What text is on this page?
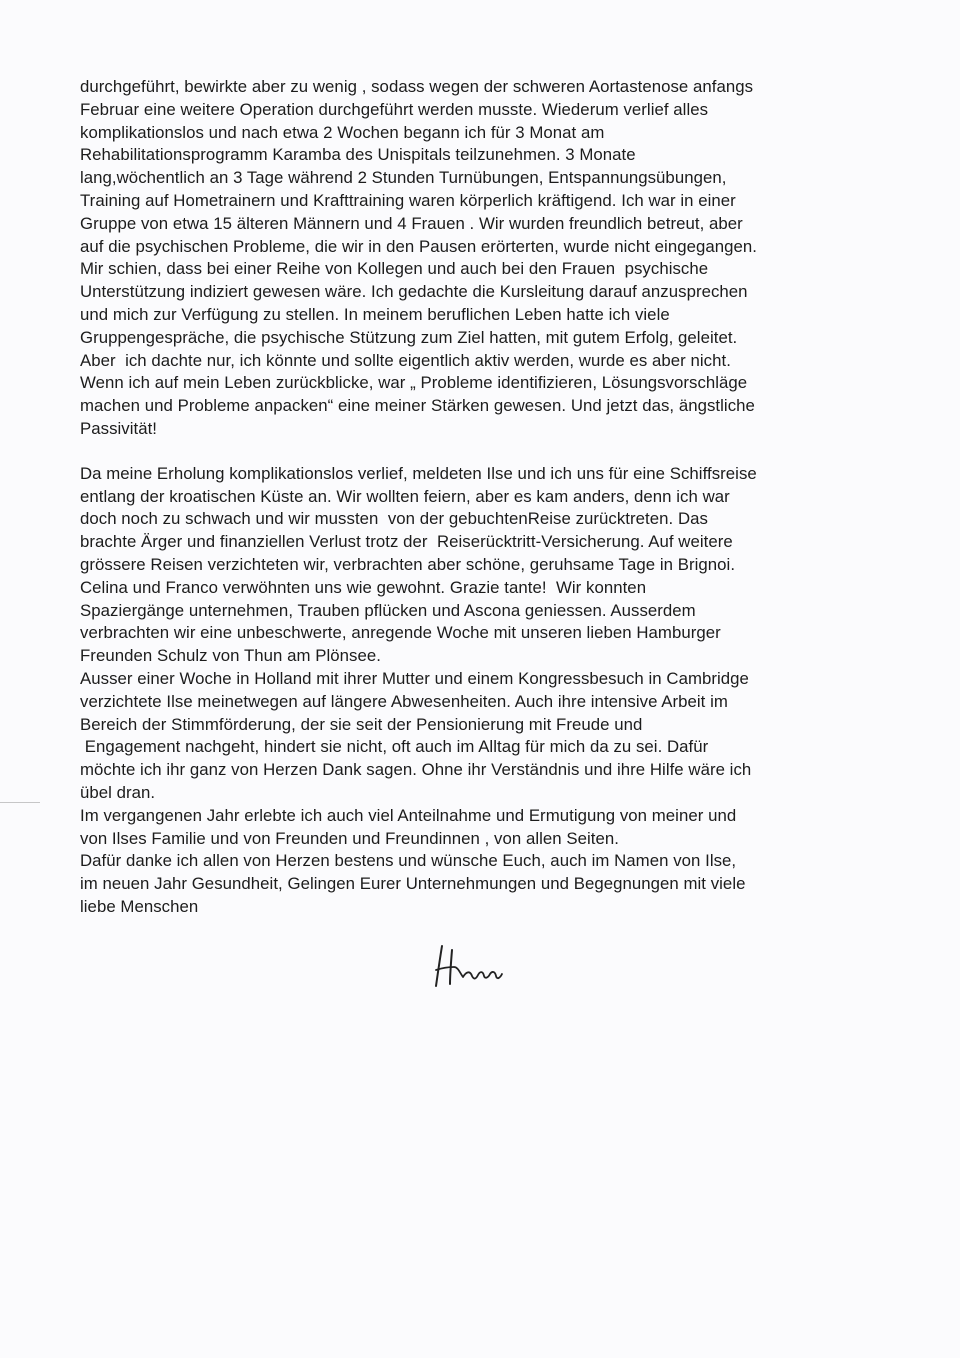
durchgeführt, bewirkte aber zu wenig , sodass wegen der schweren Aortastenose anfangs
Februar eine weitere Operation durchgeführt werden musste. Wiederum verlief alles
komplikationslos und nach etwa 2 Wochen begann ich für 3 Monat am
Rehabilitationsprogramm Karamba des Unispitals teilzunehmen. 3 Monate
lang,wöchentlich an 3 Tage während 2 Stunden Turnübungen, Entspannungsübungen,
Training auf Hometrainern und Krafttraining waren körperlich kräftigend. Ich war in einer
Gruppe von etwa 15 älteren Männern und 4 Frauen . Wir wurden freundlich betreut, aber
auf die psychischen Probleme, die wir in den Pausen erörterten, wurde nicht eingegangen.
Mir schien, dass bei einer Reihe von Kollegen und auch bei den Frauen  psychische
Unterstützung indiziert gewesen wäre. Ich gedachte die Kursleitung darauf anzusprechen
und mich zur Verfügung zu stellen. In meinem beruflichen Leben hatte ich viele
Gruppengespräche, die psychische Stützung zum Ziel hatten, mit gutem Erfolg, geleitet.
Aber  ich dachte nur, ich könnte und sollte eigentlich aktiv werden, wurde es aber nicht.
Wenn ich auf mein Leben zurückblicke, war „ Probleme identifizieren, Lösungsvorschläge
machen und Probleme anpacken“ eine meiner Stärken gewesen. Und jetzt das, ängstliche
Passivität!
Da meine Erholung komplikationslos verlief, meldeten Ilse und ich uns für eine Schiffsreise
entlang der kroatischen Küste an. Wir wollten feiern, aber es kam anders, denn ich war
doch noch zu schwach und wir mussten  von der gebuchtenReise zurücktreten. Das
brachte Ärger und finanziellen Verlust trotz der  Reiserücktritt-Versicherung. Auf weitere
grössere Reisen verzichteten wir, verbrachten aber schöne, geruhsame Tage in Brignoi.
Celina und Franco verwöhnten uns wie gewohnt. Grazie tante!  Wir konnten
Spaziergänge unternehmen, Trauben pflücken und Ascona geniessen. Ausserdem
verbrachten wir eine unbeschwerte, anregende Woche mit unseren lieben Hamburger
Freunden Schulz von Thun am Plönsee.
Ausser einer Woche in Holland mit ihrer Mutter und einem Kongressbesuch in Cambridge
verzichtete Ilse meinetwegen auf längere Abwesenheiten. Auch ihre intensive Arbeit im
Bereich der Stimmförderung, der sie seit der Pensionierung mit Freude und
Engagement nachgeht, hindert sie nicht, oft auch im Alltag für mich da zu sei. Dafür
möchte ich ihr ganz von Herzen Dank sagen. Ohne ihr Verständnis und ihre Hilfe wäre ich
übel dran.
Im vergangenen Jahr erlebte ich auch viel Anteilnahme und Ermutigung von meiner und
von Ilses Familie und von Freunden und Freundinnen , von allen Seiten.
Dafür danke ich allen von Herzen bestens und wünsche Euch, auch im Namen von Ilse,
im neuen Jahr Gesundheit, Gelingen Eurer Unternehmungen und Begegnungen mit viele
liebe Menschen
